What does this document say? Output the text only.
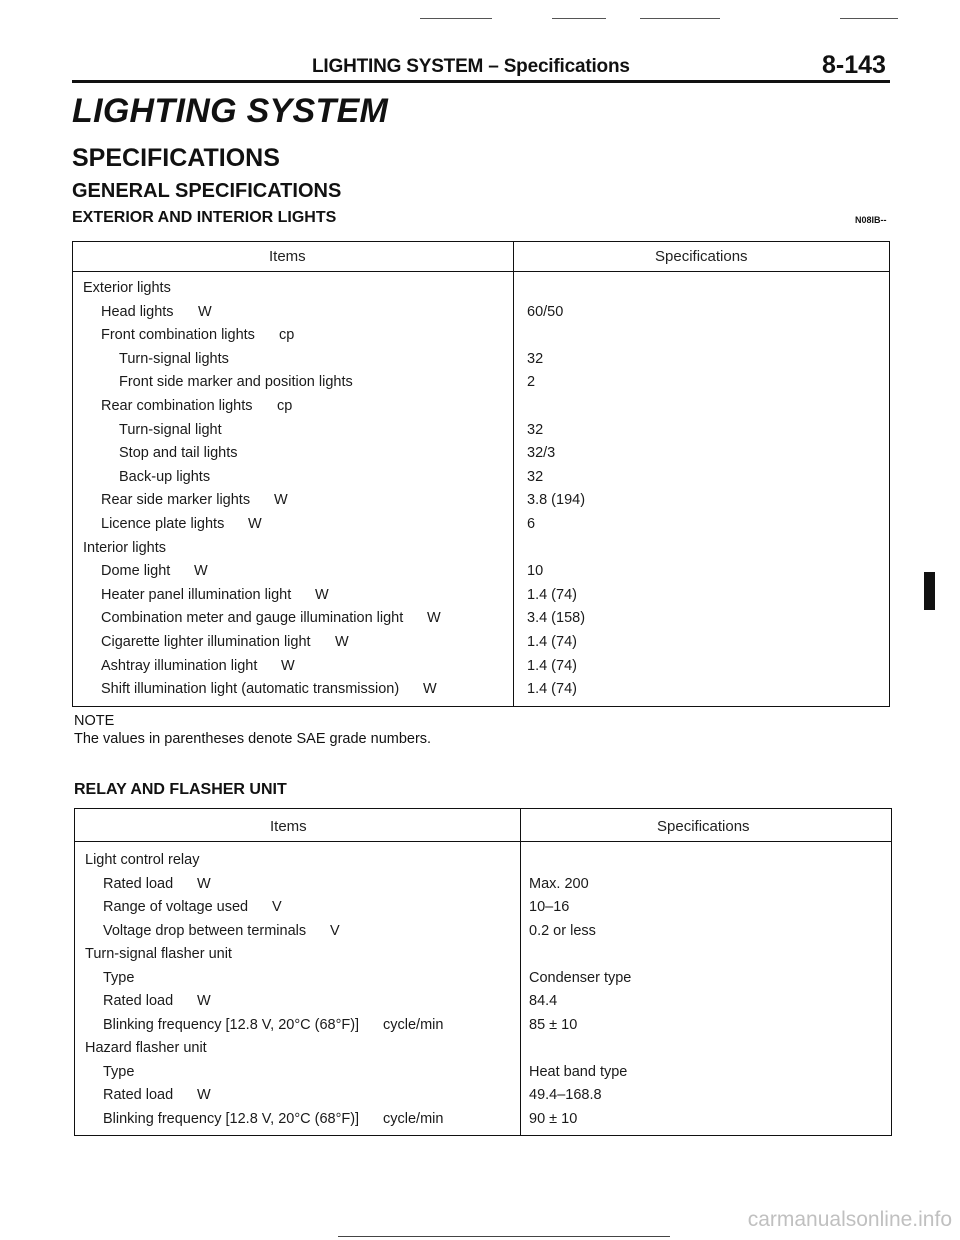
LIGHTING SYSTEM – Specifications	8-143
LIGHTING SYSTEM
SPECIFICATIONS
GENERAL SPECIFICATIONS
EXTERIOR AND INTERIOR LIGHTS	N08IB--
Items	Specifications
Exterior lights
Head lights W	60/50
Front combination lights cp
Turn-signal lights	32
Front side marker and position lights	2
Rear combination lights cp
Turn-signal light	32
Stop and tail lights	32/3
Back-up lights	32
Rear side marker lights W	3.8 (194)
Licence plate lights W	6
Interior lights
Dome light W	10
Heater panel illumination light W	1.4 (74)
Combination meter and gauge illumination light W	3.4 (158)
Cigarette lighter illumination light W	1.4 (74)
Ashtray illumination light W	1.4 (74)
Shift illumination light (automatic transmission) W	1.4 (74)
NOTE
The values in parentheses denote SAE grade numbers.
RELAY AND FLASHER UNIT
Items	Specifications
Light control relay
Rated load W	Max. 200
Range of voltage used V	10–16
Voltage drop between terminals V	0.2 or less
Turn-signal flasher unit
Type	Condenser type
Rated load W	84.4
Blinking frequency [12.8 V, 20°C (68°F)] cycle/min	85 ± 10
Hazard flasher unit
Type	Heat band type
Rated load W	49.4–168.8
Blinking frequency [12.8 V, 20°C (68°F)] cycle/min	90 ± 10
carmanualsonline.info
